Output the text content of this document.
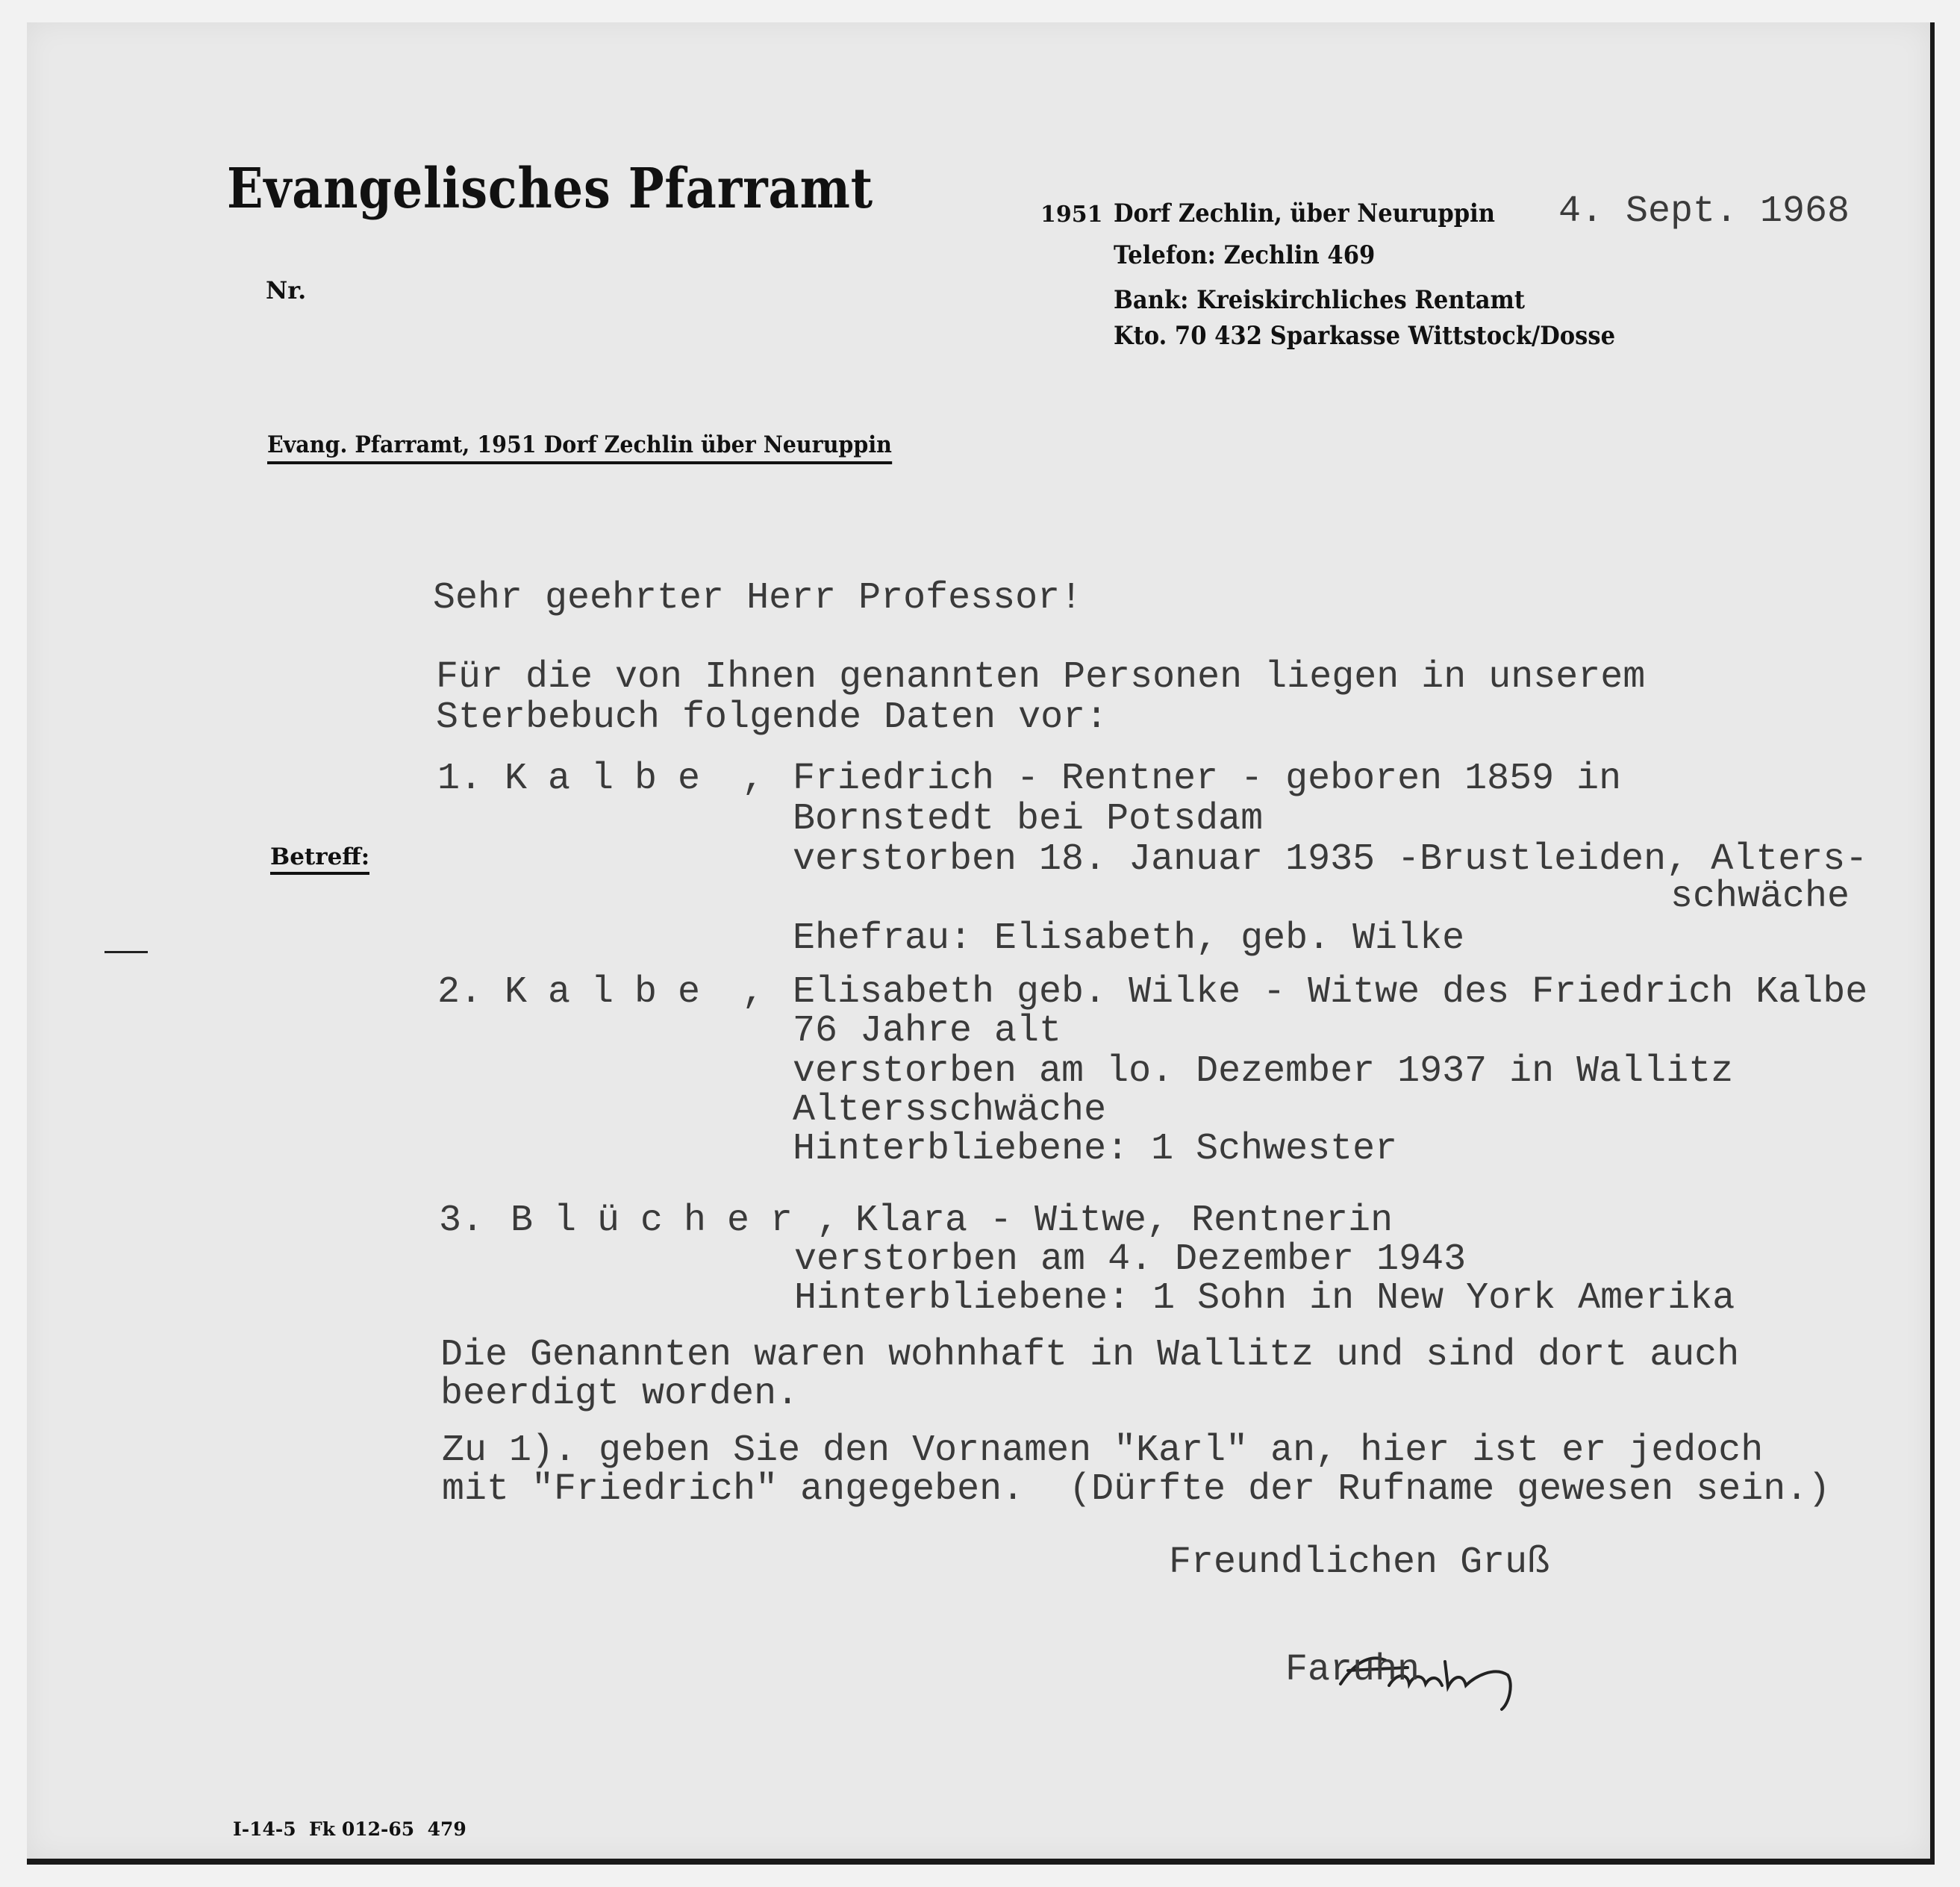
Evangelisches Pfarramt	1951 Dorf Zechlin, über Neuruppin
Telefon: Zechlin 469
Bank: Kreiskirchliches Rentamt
Kto. 70 432 Sparkasse Wittstock/Dosse
4. Sept. 1968
Nr.
Evang. Pfarramt, 1951 Dorf Zechlin über Neuruppin
Betreff:
Sehr geehrter Herr Professor!
Für die von Ihnen genannten Personen liegen in unserem
Sterbebuch folgende Daten vor:
1. Kalbe , Friedrich - Rentner - geboren 1859 in
Bornstedt bei Potsdam
verstorben 18. Januar 1935 -Brustleiden, Alters-
schwäche
Ehefrau: Elisabeth, geb. Wilke
2. Kalbe , Elisabeth geb. Wilke - Witwe des Friedrich Kalbe
76 Jahre alt
verstorben am lo. Dezember 1937 in Wallitz
Altersschwäche
Hinterbliebene: 1 Schwester
3. Blücher , Klara - Witwe, Rentnerin
verstorben am 4. Dezember 1943
Hinterbliebene: 1 Sohn in New York Amerika
Die Genannten waren wohnhaft in Wallitz und sind dort auch
beerdigt worden.
Zu 1). geben Sie den Vornamen "Karl" an, hier ist er jedoch
mit "Friedrich" angegeben.  (Dürfte der Rufname gewesen sein.)
Freundlichen Gruß
Faruhn
I-14-5  Fk 012-65  479
